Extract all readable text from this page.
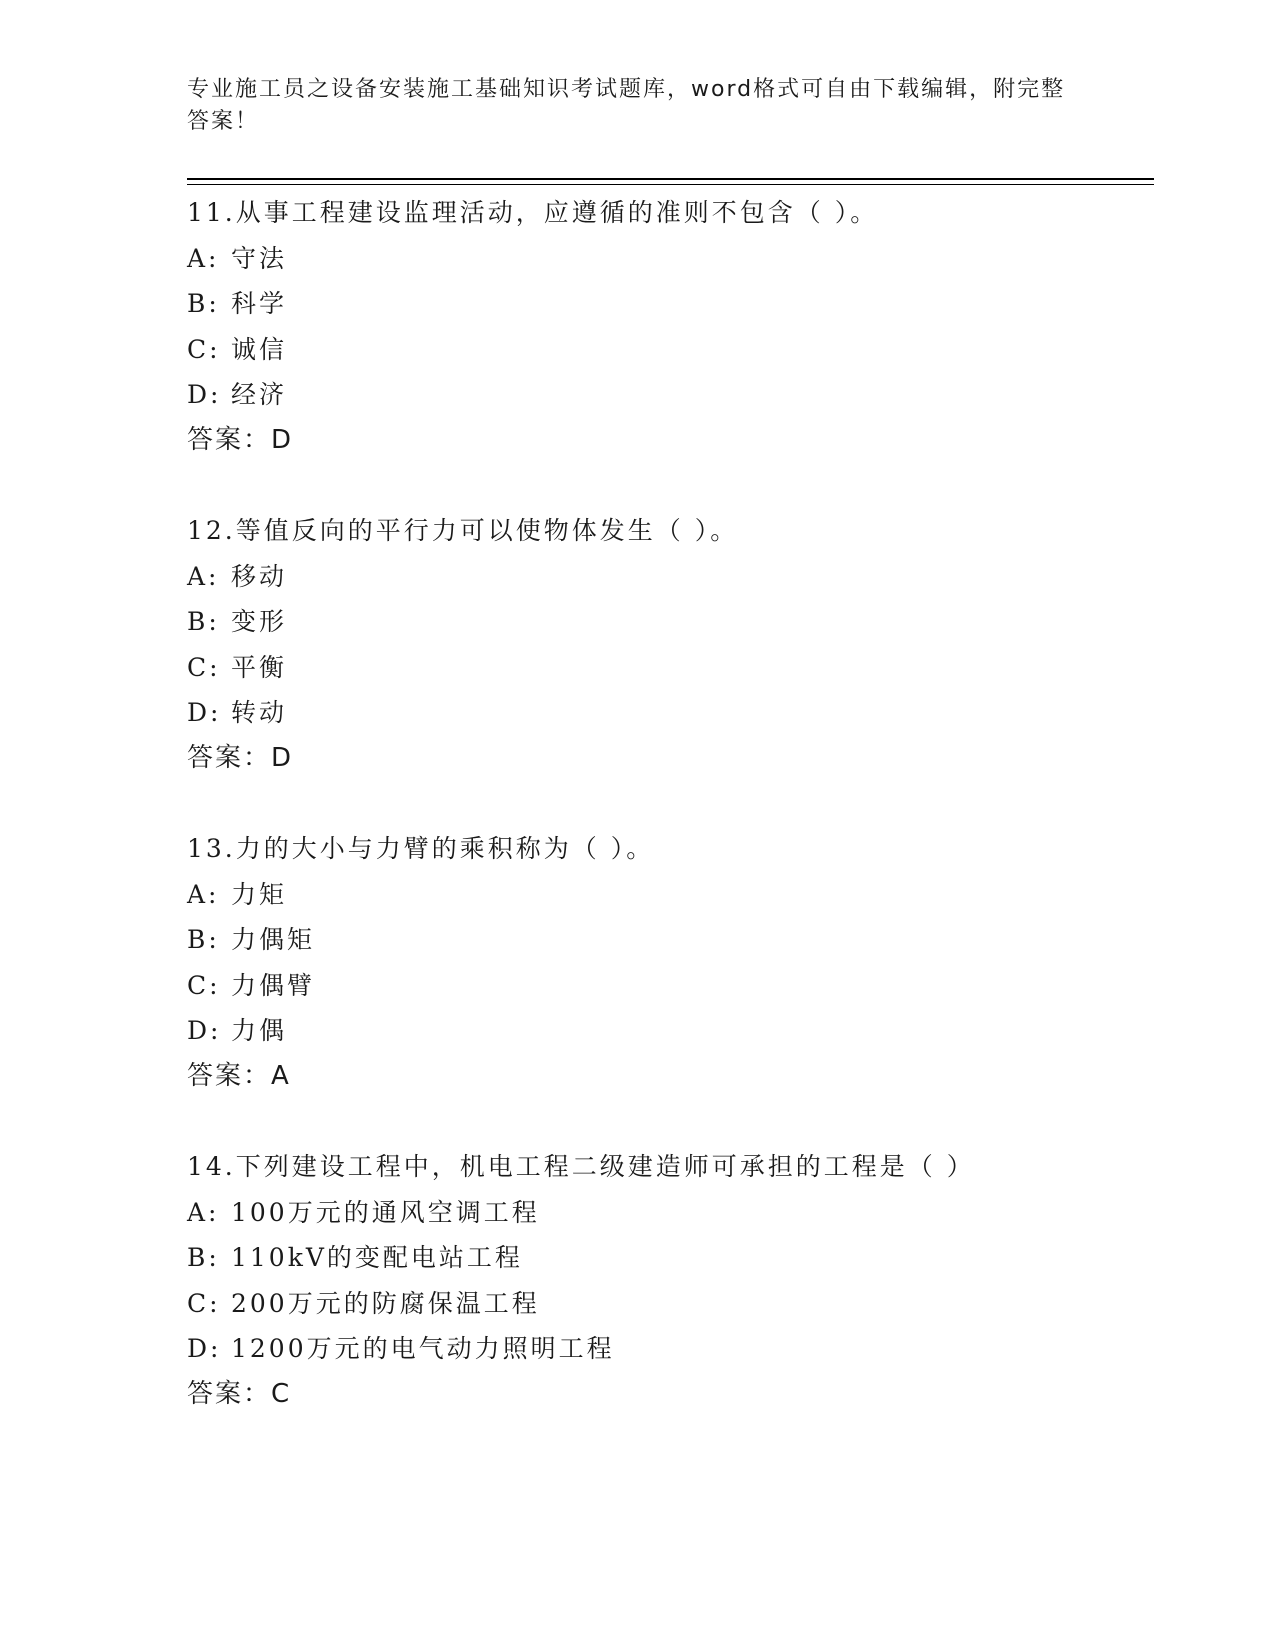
专业施工员之设备安装施工基础知识考试题库，word格式可自由下载编辑，附完整答案！
11.从事工程建设监理活动，应遵循的准则不包含（ ）。
A: 守法
B: 科学
C: 诚信
D: 经济
答案：D
12.等值反向的平行力可以使物体发生（ ）。
A: 移动
B: 变形
C: 平衡
D: 转动
答案：D
13.力的大小与力臂的乘积称为（ ）。
A: 力矩
B: 力偶矩
C: 力偶臂
D: 力偶
答案：A
14.下列建设工程中，机电工程二级建造师可承担的工程是（ ）
A: 100万元的通风空调工程
B: 110kV的变配电站工程
C: 200万元的防腐保温工程
D: 1200万元的电气动力照明工程
答案：C
